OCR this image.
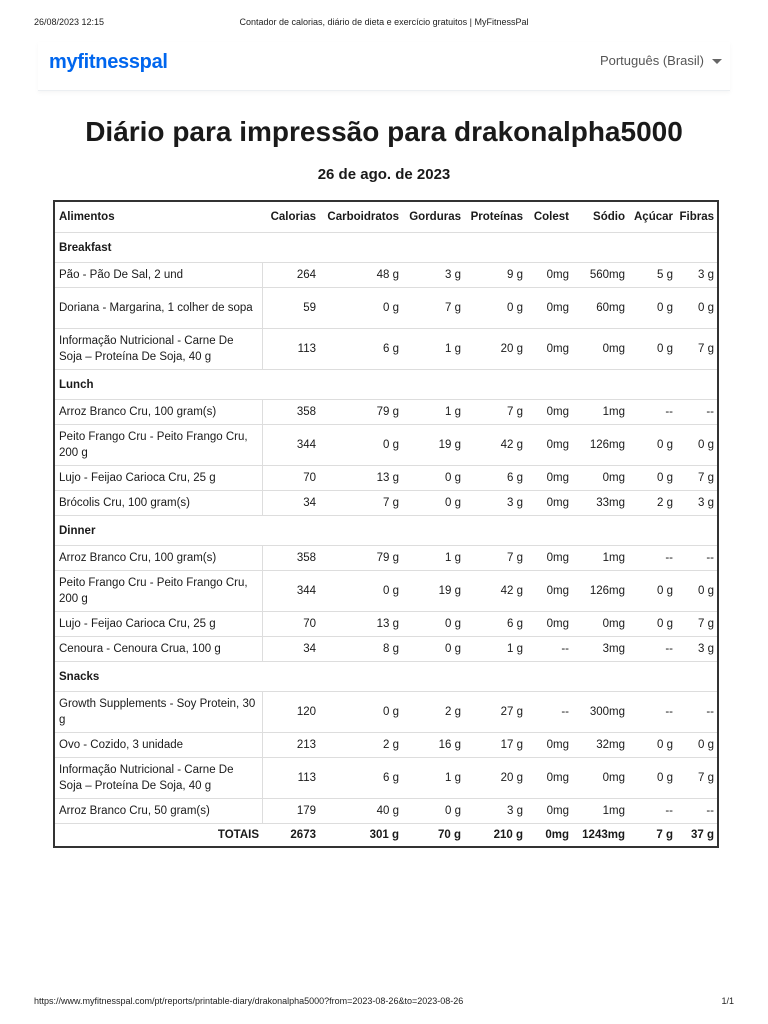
26/08/2023 12:15	Contador de calorias, diário de dieta e exercício gratuitos | MyFitnessPal
myfitnesspal	Português (Brasil)
Diário para impressão para drakonalpha5000
26 de ago. de 2023
Alimentos	Calorias	Carboidratos	Gorduras	Proteínas	Colest	Sódio	Açúcar	Fibras
Breakfast								
Pão - Pão De Sal, 2 und	264	48 g	3 g	9 g	0mg	560mg	5 g	3 g
Doriana - Margarina, 1 colher de sopa	59	0 g	7 g	0 g	0mg	60mg	0 g	0 g
Informação Nutricional - Carne De Soja – Proteína De Soja, 40 g	113	6 g	1 g	20 g	0mg	0mg	0 g	7 g
Lunch								
Arroz Branco Cru, 100 gram(s)	358	79 g	1 g	7 g	0mg	1mg	--	--
Peito Frango Cru - Peito Frango Cru, 200 g	344	0 g	19 g	42 g	0mg	126mg	0 g	0 g
Lujo - Feijao Carioca Cru, 25 g	70	13 g	0 g	6 g	0mg	0mg	0 g	7 g
Brócolis Cru, 100 gram(s)	34	7 g	0 g	3 g	0mg	33mg	2 g	3 g
Dinner								
Arroz Branco Cru, 100 gram(s)	358	79 g	1 g	7 g	0mg	1mg	--	--
Peito Frango Cru - Peito Frango Cru, 200 g	344	0 g	19 g	42 g	0mg	126mg	0 g	0 g
Lujo - Feijao Carioca Cru, 25 g	70	13 g	0 g	6 g	0mg	0mg	0 g	7 g
Cenoura - Cenoura Crua, 100 g	34	8 g	0 g	1 g	--	3mg	--	3 g
Snacks								
Growth Supplements - Soy Protein, 30 g	120	0 g	2 g	27 g	--	300mg	--	--
Ovo - Cozido, 3 unidade	213	2 g	16 g	17 g	0mg	32mg	0 g	0 g
Informação Nutricional - Carne De Soja – Proteína De Soja, 40 g	113	6 g	1 g	20 g	0mg	0mg	0 g	7 g
Arroz Branco Cru, 50 gram(s)	179	40 g	0 g	3 g	0mg	1mg	--	--
TOTAIS	2673	301 g	70 g	210 g	0mg	1243mg	7 g	37 g
https://www.myfitnesspal.com/pt/reports/printable-diary/drakonalpha5000?from=2023-08-26&to=2023-08-26	1/1
